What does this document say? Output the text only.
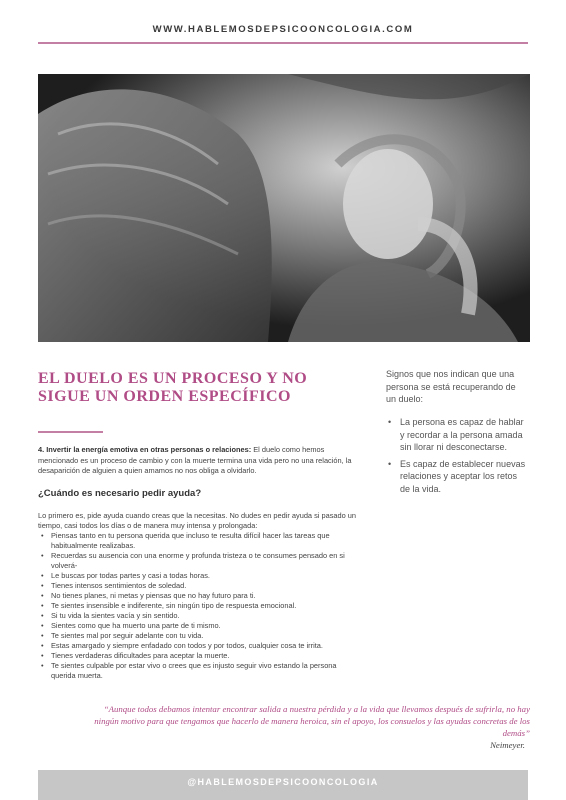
WWW.HABLEMOSDEPSICOONCOLOGIA.COM
EL DUELO ES UN PROCESO Y NO SIGUE UN ORDEN ESPECÍFICO

Signos que nos indican que una persona se está recuperando de un duelo:

• La persona es capaz de hablar y recordar a la persona amada sin llorar ni desconectarse.
• Es capaz de establecer nuevas relaciones y aceptar los retos de la vida.

4. Invertir la energía emotiva en otras personas o relaciones: El duelo como hemos mencionado es un proceso de cambio y con la muerte termina una vida pero no una relación, la desaparición de alguien a quien amamos no nos obliga a olvidarlo.

¿Cuándo es necesario pedir ayuda?

Lo primero es, pide ayuda cuando creas que la necesitas. No dudes en pedir ayuda si pasado un tiempo, casi todos los días o de manera muy intensa y prolongada:

• Piensas tanto en tu persona querida que incluso te resulta difícil hacer las tareas que habitualmente realizabas.
• Recuerdas su ausencia con una enorme y profunda tristeza o te consumes pensado en si volverá-
• Le buscas por todas partes y casi a todas horas.
• Tienes intensos sentimientos de soledad.
• No tienes planes, ni metas y piensas que no hay futuro para ti.
• Te sientes insensible e indiferente, sin ningún tipo de respuesta emocional.
• Si tu vida la sientes vacía y sin sentido.
• Sientes como que ha muerto una parte de ti mismo.
• Te sientes mal por seguir adelante con tu vida.
• Estas amargado y siempre enfadado con todos y por todos, cualquier cosa te irrita.
• Tienes verdaderas dificultades para aceptar la muerte.
• Te sientes culpable por estar vivo o crees que es injusto seguir vivo estando la persona querida muerta.

“Aunque todos debamos intentar encontrar salida a nuestra pérdida y a la vida que llevamos después de sufrirla, no hay ningún motivo para que tengamos que hacerlo de manera heroica, sin el apoyo, los consuelos y las ayudas concretas de los demás”

Neimeyer.

@HABLEMOSDEPSICOONCOLOGIA
